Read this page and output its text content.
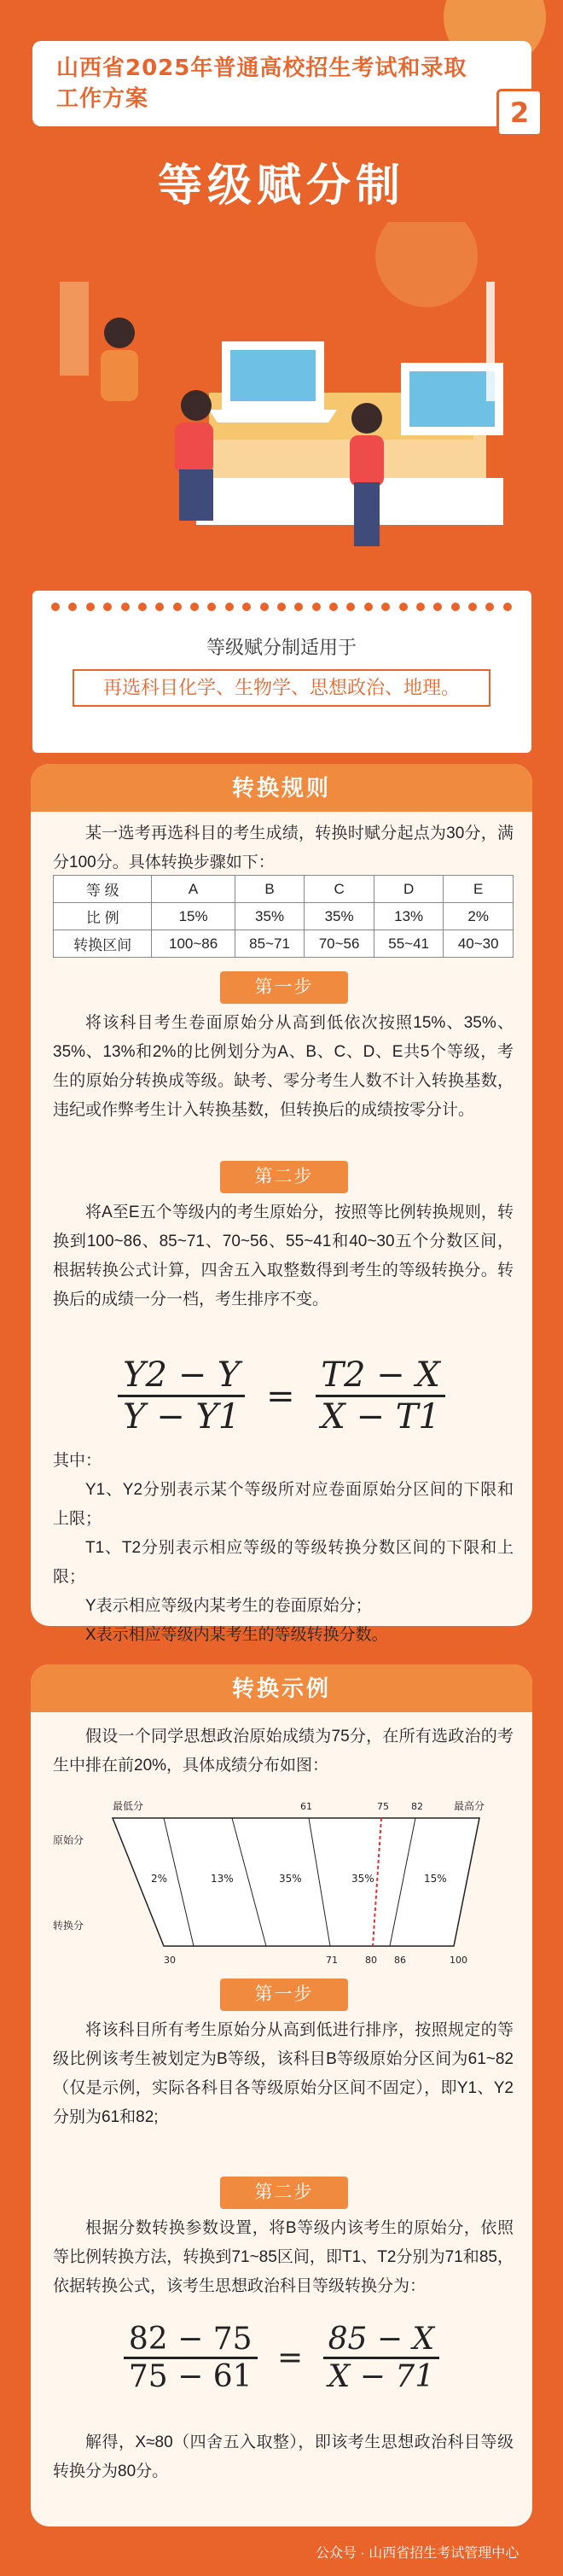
山西省2025年普通高校招生考试和录取工作方案	2
等级赋分制
等级赋分制适用于
再选科目化学、生物学、思想政治、地理。
转换规则
某一选考再选科目的考生成绩，转换时赋分起点为30分，满分100分。具体转换步骤如下：
等 级	A	B	C	D	E
比 例	15%	35%	35%	13%	2%
转换区间	100~86	85~71	70~56	55~41	40~30
第一步
将该科目考生卷面原始分从高到低依次按照15%、35%、35%、13%和2%的比例划分为A、B、C、D、E共5个等级，考生的原始分转换成等级。缺考、零分考生人数不计入转换基数，违纪或作弊考生计入转换基数，但转换后的成绩按零分计。
第二步
将A至E五个等级内的考生原始分，按照等比例转换规则，转换到100~86、85~71、70~56、55~41和40~30五个分数区间，根据转换公式计算，四舍五入取整数得到考生的等级转换分。转换后的成绩一分一档，考生排序不变。
$\frac{Y2 - Y}{Y - Y1} = \frac{T2 - X}{X - T1}$
其中：
Y1、Y2分别表示某个等级所对应卷面原始分区间的下限和上限；
T1、T2分别表示相应等级的等级转换分数区间的下限和上限；
Y表示相应等级内某考生的卷面原始分；
X表示相应等级内某考生的等级转换分数。
转换示例
假设一个同学思想政治原始成绩为75分，在所有选政治的考生中排在前20%，具体成绩分布如图：
最低分	最高分
61	75 82
原始分
转换分
2%	13%	35%	35%	15%
30	71	80 86	100
第一步
将该科目所有考生原始分从高到低进行排序，按照规定的等级比例该考生被划定为B等级，该科目B等级原始分区间为61~82（仅是示例，实际各科目各等级原始分区间不固定），即Y1、Y2分别为61和82;
第二步
根据分数转换参数设置，将B等级内该考生的原始分，依照等比例转换方法，转换到71~85区间，即T1、T2分别为71和85，依据转换公式，该考生思想政治科目等级转换分为：
$\frac{82 - 75}{75 - 61} = \frac{85 - X}{X - 71}$
解得，X≈80（四舍五入取整），即该考生思想政治科目等级转换分为80分。
公众号 · 山西省招生考试管理中心
